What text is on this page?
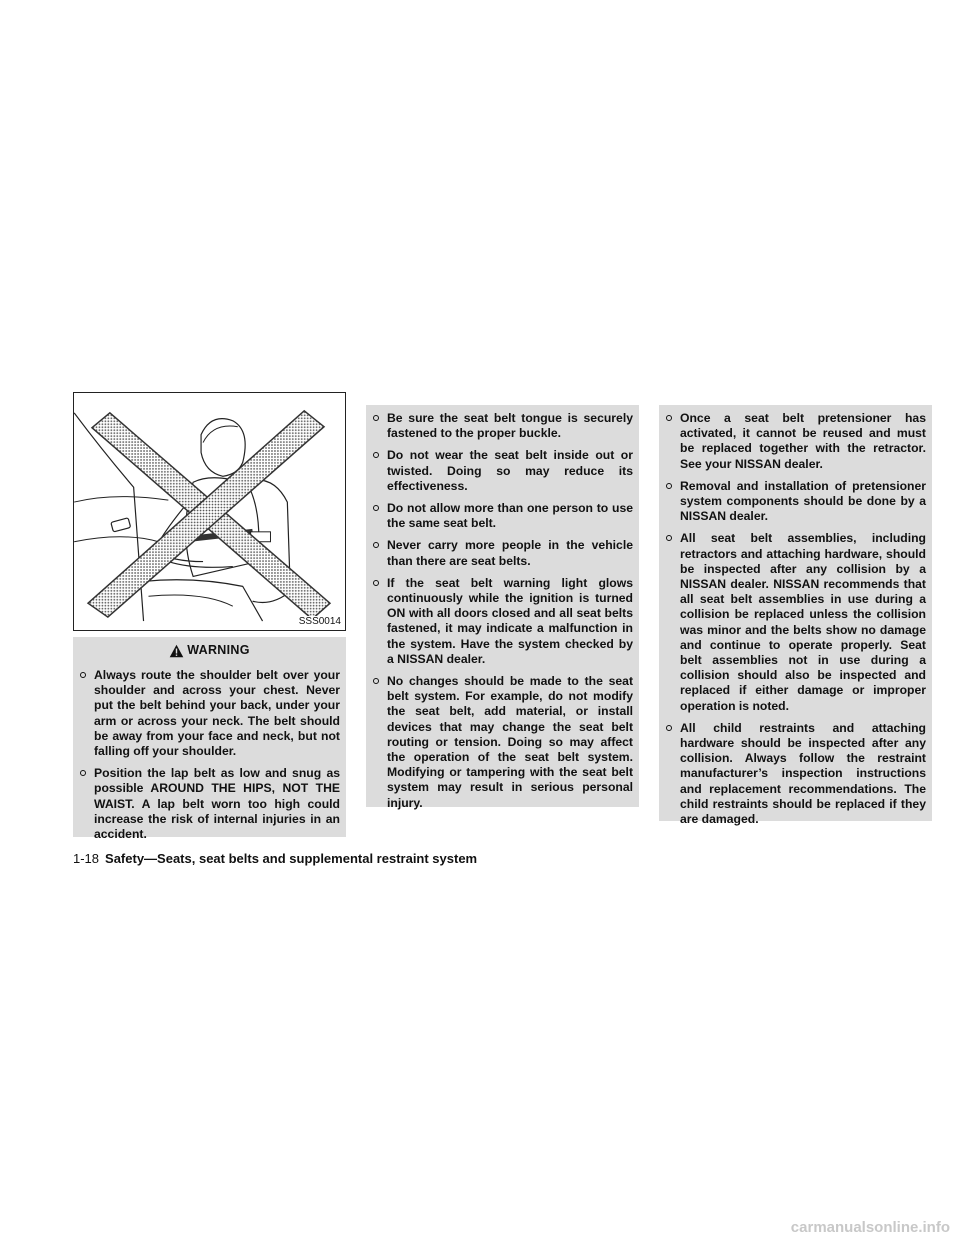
SSS0014
WARNING
Always route the shoulder belt over your shoulder and across your chest. Never put the belt behind your back, under your arm or across your neck. The belt should be away from your face and neck, but not falling off your shoulder.
Position the lap belt as low and snug as possible AROUND THE HIPS, NOT THE WAIST. A lap belt worn too high could increase the risk of internal injuries in an accident.
Be sure the seat belt tongue is securely fastened to the proper buckle.
Do not wear the seat belt inside out or twisted. Doing so may reduce its effectiveness.
Do not allow more than one person to use the same seat belt.
Never carry more people in the vehicle than there are seat belts.
If the seat belt warning light glows continuously while the ignition is turned ON with all doors closed and all seat belts fastened, it may indicate a malfunction in the system. Have the system checked by a NISSAN dealer.
No changes should be made to the seat belt system. For example, do not modify the seat belt, add material, or install devices that may change the seat belt routing or tension. Doing so may affect the operation of the seat belt system. Modifying or tampering with the seat belt system may result in serious personal injury.
Once a seat belt pretensioner has activated, it cannot be reused and must be replaced together with the retractor. See your NISSAN dealer.
Removal and installation of pretensioner system components should be done by a NISSAN dealer.
All seat belt assemblies, including retractors and attaching hardware, should be inspected after any collision by a NISSAN dealer. NISSAN recommends that all seat belt assemblies in use during a collision be replaced unless the collision was minor and the belts show no damage and continue to operate properly. Seat belt assemblies not in use during a collision should also be inspected and replaced if either damage or improper operation is noted.
All child restraints and attaching hardware should be inspected after any collision. Always follow the restraint manufacturer’s inspection instructions and replacement recommendations. The child restraints should be replaced if they are damaged.
1-18 Safety—Seats, seat belts and supplemental restraint system
carmanualsonline.info
